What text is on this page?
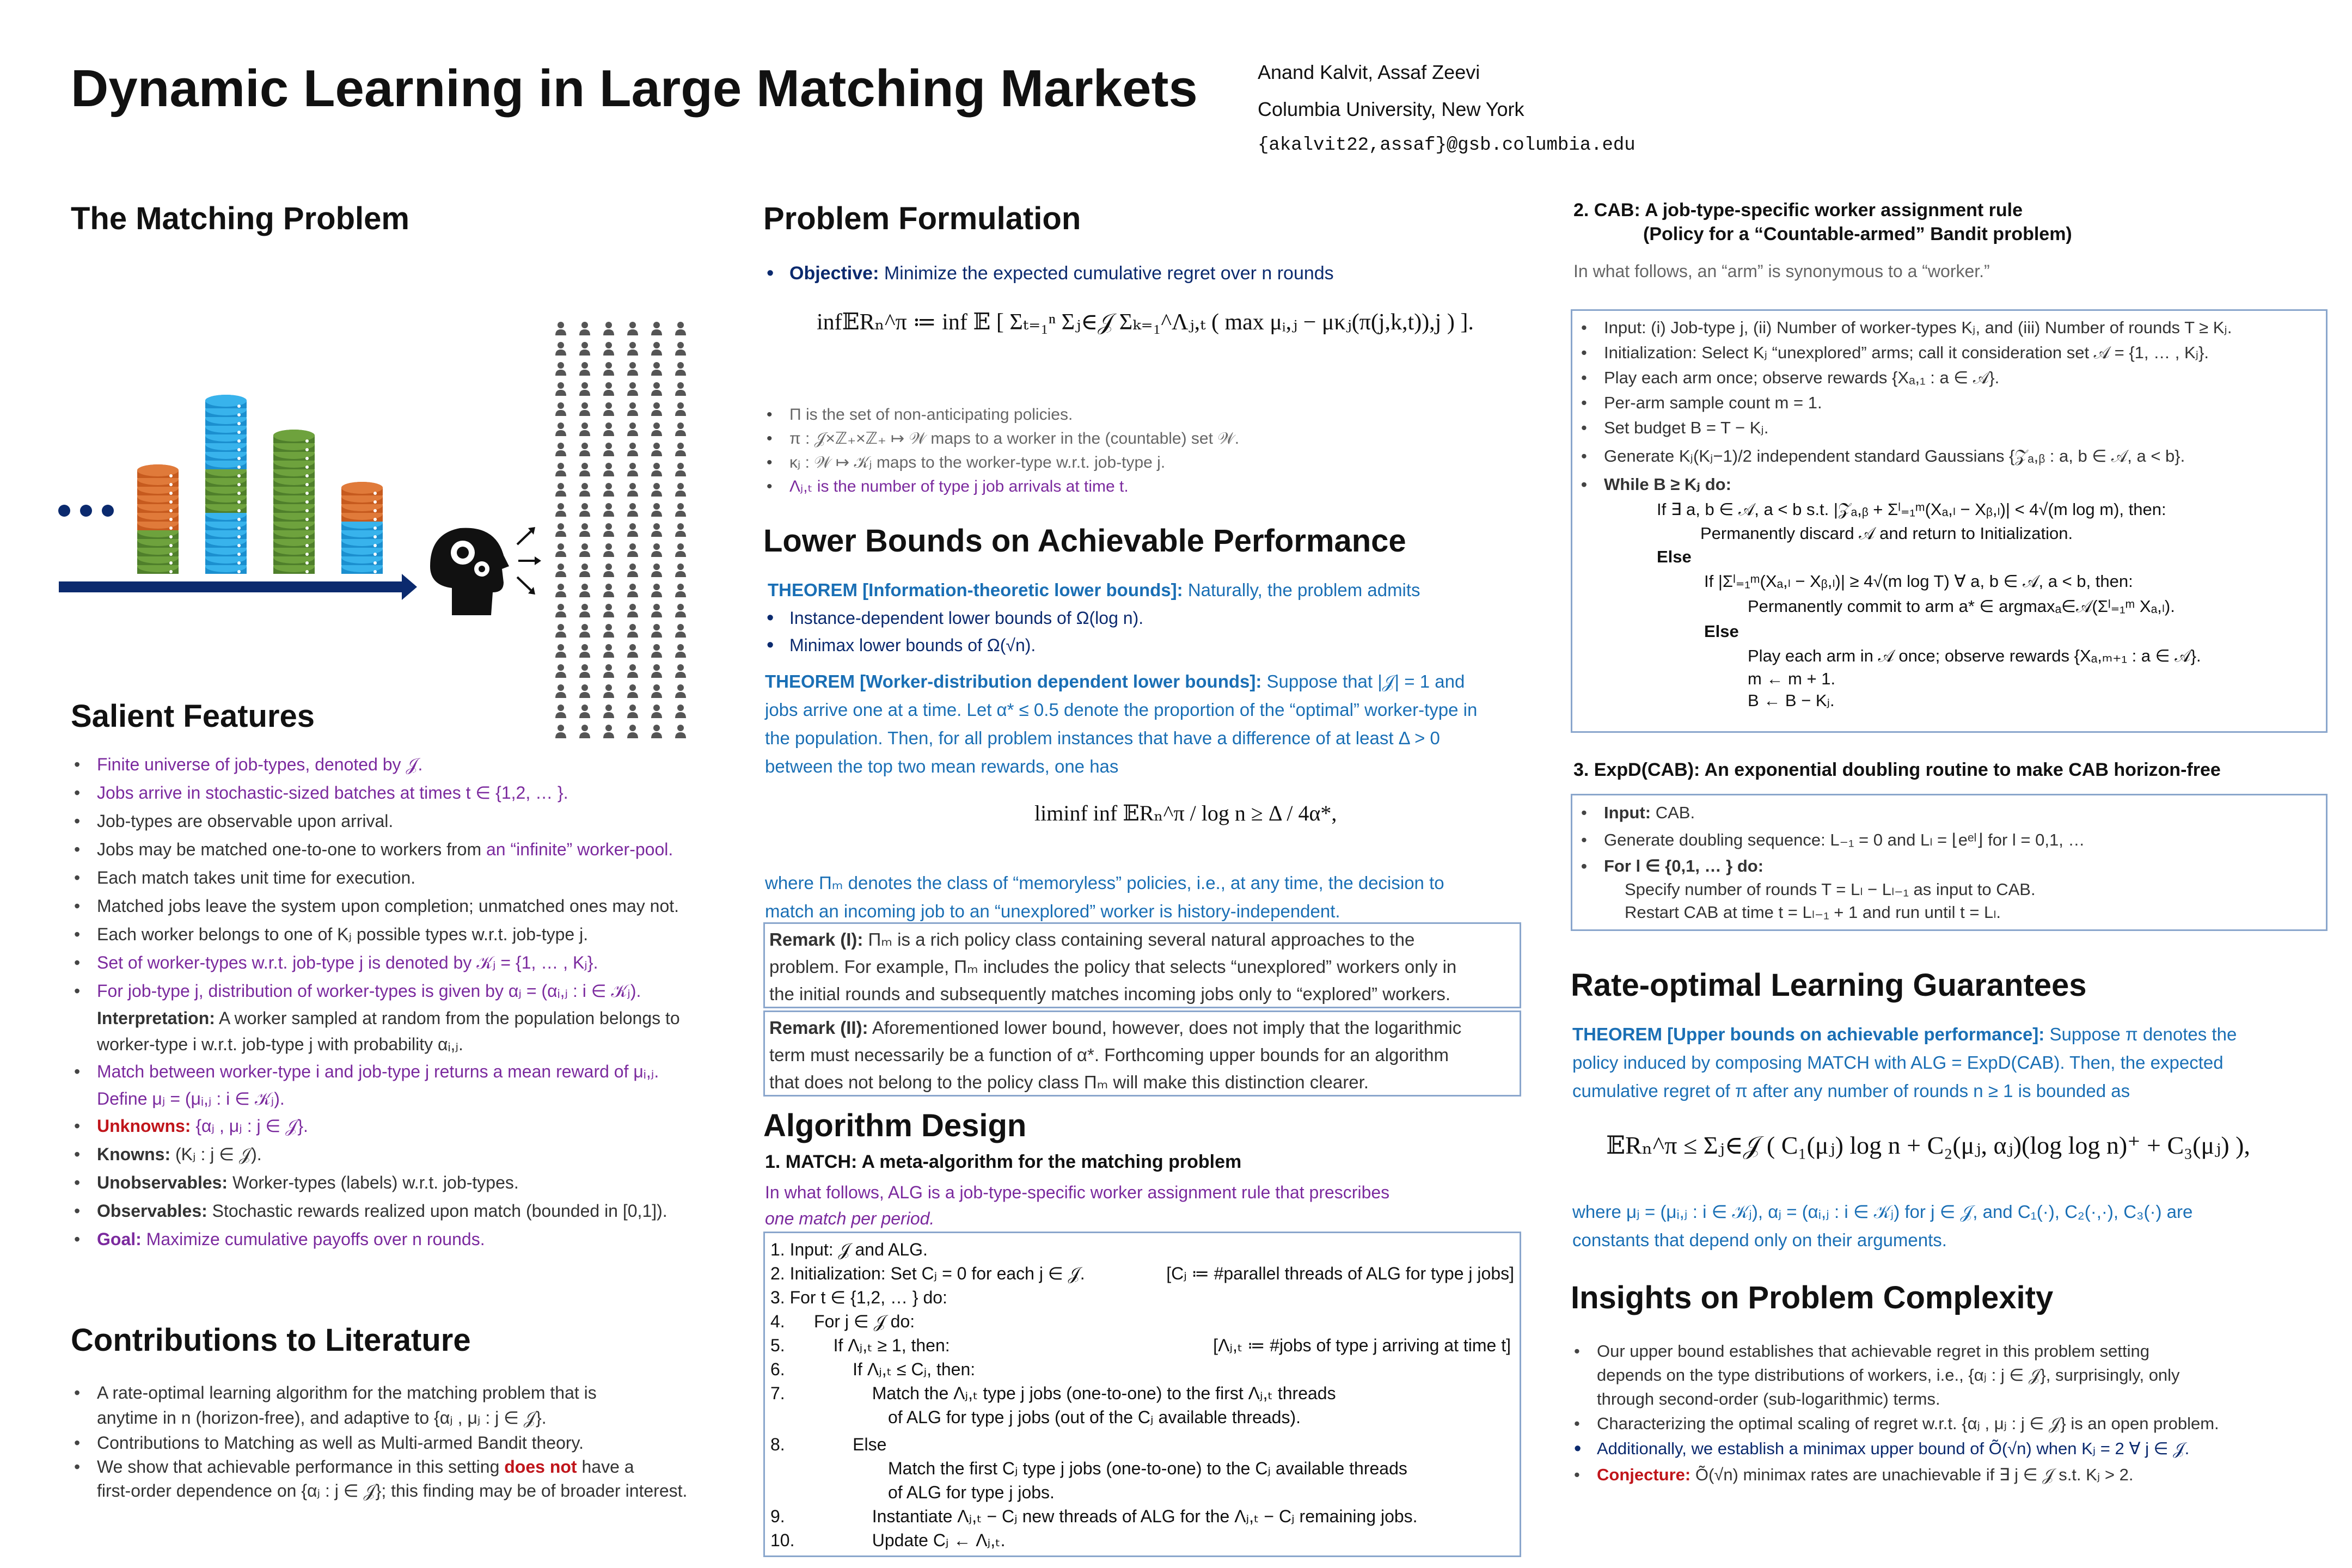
Dynamic Learning in Large Matching Markets	Anand Kalvit, Assaf Zeevi
Columbia University, New York
{akalvit22,assaf}@gsb.columbia.edu
The Matching Problem
Salient Features
• Finite universe of job-types, denoted by 𝒥.
• Jobs arrive in stochastic-sized batches at times t ∈ {1,2, … }.
• Job-types are observable upon arrival.
• Jobs may be matched one-to-one to workers from an “infinite” worker-pool.
• Each match takes unit time for execution.
• Matched jobs leave the system upon completion; unmatched ones may not.
• Each worker belongs to one of Kⱼ possible types w.r.t. job-type j.
• Set of worker-types w.r.t. job-type j is denoted by 𝒦ⱼ = {1, … , Kⱼ}.
• For job-type j, distribution of worker-types is given by αⱼ = (αᵢ,ⱼ : i ∈ 𝒦ⱼ).
Interpretation: A worker sampled at random from the population belongs to
worker-type i w.r.t. job-type j with probability αᵢ,ⱼ.
• Match between worker-type i and job-type j returns a mean reward of μᵢ,ⱼ.
Define μⱼ = (μᵢ,ⱼ : i ∈ 𝒦ⱼ).
• Unknowns: {αⱼ , μⱼ : j ∈ 𝒥}.
• Knowns: (Kⱼ : j ∈ 𝒥).
• Unobservables: Worker-types (labels) w.r.t. job-types.
• Observables: Stochastic rewards realized upon match (bounded in [0,1]).
• Goal: Maximize cumulative payoffs over n rounds.
Contributions to Literature
• A rate-optimal learning algorithm for the matching problem that is
anytime in n (horizon-free), and adaptive to {αⱼ , μⱼ : j ∈ 𝒥}.
• Contributions to Matching as well as Multi-armed Bandit theory.
• We show that achievable performance in this setting does not have a
first-order dependence on {αⱼ : j ∈ 𝒥}; this finding may be of broader interest.
Problem Formulation
• Objective: Minimize the expected cumulative regret over n rounds
inf𝔼Rₙ^π ≔ inf 𝔼 [ Σₜ₌₁ⁿ Σⱼ∈𝒥 Σₖ₌₁^Λⱼ,ₜ ( max μᵢ,ⱼ − μκⱼ(π(j,k,t)),j ) ].
• Π is the set of non-anticipating policies.
• π : 𝒥×ℤ₊×ℤ₊ ↦ 𝒲 maps to a worker in the (countable) set 𝒲.
• κⱼ : 𝒲 ↦ 𝒦ⱼ maps to the worker-type w.r.t. job-type j.
• Λⱼ,ₜ is the number of type j job arrivals at time t.
Lower Bounds on Achievable Performance
THEOREM [Information-theoretic lower bounds]: Naturally, the problem admits
• Instance-dependent lower bounds of Ω(log n).
• Minimax lower bounds of Ω(√n).
THEOREM [Worker-distribution dependent lower bounds]: Suppose that |𝒥| = 1 and
jobs arrive one at a time. Let α* ≤ 0.5 denote the proportion of the “optimal” worker-type in
the population. Then, for all problem instances that have a difference of at least Δ > 0
between the top two mean rewards, one has
liminf inf 𝔼Rₙ^π / log n ≥ Δ / 4α*,
where Πₘ denotes the class of “memoryless” policies, i.e., at any time, the decision to
match an incoming job to an “unexplored” worker is history-independent.
Remark (I): Πₘ is a rich policy class containing several natural approaches to the
problem. For example, Πₘ includes the policy that selects “unexplored” workers only in
the initial rounds and subsequently matches incoming jobs only to “explored” workers.
Remark (II): Aforementioned lower bound, however, does not imply that the logarithmic
term must necessarily be a function of α*. Forthcoming upper bounds for an algorithm
that does not belong to the policy class Πₘ will make this distinction clearer.
Algorithm Design
1. MATCH: A meta-algorithm for the matching problem
In what follows, ALG is a job-type-specific worker assignment rule that prescribes
one match per period.
1. Input: 𝒥 and ALG.
2. Initialization: Set Cⱼ = 0 for each j ∈ 𝒥.	[Cⱼ ≔ #parallel threads of ALG for type j jobs]
3. For t ∈ {1,2, … } do:
4.      For j ∈ 𝒥 do:
5.          If Λⱼ,ₜ ≥ 1, then:	[Λⱼ,ₜ ≔ #jobs of type j arriving at time t]
6.              If Λⱼ,ₜ ≤ Cⱼ, then:
7.                  Match the Λⱼ,ₜ type j jobs (one-to-one) to the first Λⱼ,ₜ threads
of ALG for type j jobs (out of the Cⱼ available threads).
8.              Else
Match the first Cⱼ type j jobs (one-to-one) to the Cⱼ available threads
of ALG for type j jobs.
9.                  Instantiate Λⱼ,ₜ − Cⱼ new threads of ALG for the Λⱼ,ₜ − Cⱼ remaining jobs.
10.                Update Cⱼ ← Λⱼ,ₜ.
2. CAB: A job-type-specific worker assignment rule
(Policy for a “Countable-armed” Bandit problem)
In what follows, an “arm” is synonymous to a “worker.”
• Input: (i) Job-type j, (ii) Number of worker-types Kⱼ, and (iii) Number of rounds T ≥ Kⱼ.
• Initialization: Select Kⱼ “unexplored” arms; call it consideration set 𝒜 = {1, … , Kⱼ}.
• Play each arm once; observe rewards {Xₐ,₁ : a ∈ 𝒜}.
• Per-arm sample count m = 1.
• Set budget B = T − Kⱼ.
• Generate Kⱼ(Kⱼ−1)/2 independent standard Gaussians {𝒵ₐ,ᵦ : a, b ∈ 𝒜, a < b}.
• While B ≥ Kⱼ do:
If ∃ a, b ∈ 𝒜, a < b s.t. |𝒵ₐ,ᵦ + Σˡ₌₁ᵐ(Xₐ,ₗ − Xᵦ,ₗ)| < 4√(m log m), then:
Permanently discard 𝒜 and return to Initialization.
Else
If |Σˡ₌₁ᵐ(Xₐ,ₗ − Xᵦ,ₗ)| ≥ 4√(m log T) ∀ a, b ∈ 𝒜, a < b, then:
Permanently commit to arm a* ∈ argmaxₐ∈𝒜(Σˡ₌₁ᵐ Xₐ,ₗ).
Else
Play each arm in 𝒜 once; observe rewards {Xₐ,ₘ₊₁ : a ∈ 𝒜}.
m ← m + 1.
B ← B − Kⱼ.
3. ExpD(CAB): An exponential doubling routine to make CAB horizon-free
• Input: CAB.
• Generate doubling sequence: L₋₁ = 0 and Lₗ = ⌊eᵉˡ⌋ for l = 0,1, …
• For l ∈ {0,1, … } do:
Specify number of rounds T = Lₗ − Lₗ₋₁ as input to CAB.
Restart CAB at time t = Lₗ₋₁ + 1 and run until t = Lₗ.
Rate-optimal Learning Guarantees
THEOREM [Upper bounds on achievable performance]: Suppose π denotes the
policy induced by composing MATCH with ALG = ExpD(CAB). Then, the expected
cumulative regret of π after any number of rounds n ≥ 1 is bounded as
𝔼Rₙ^π ≤ Σⱼ∈𝒥 ( C₁(μⱼ) log n + C₂(μⱼ, αⱼ)(log log n)⁺ + C₃(μⱼ) ),
where μⱼ = (μᵢ,ⱼ : i ∈ 𝒦ⱼ), αⱼ = (αᵢ,ⱼ : i ∈ 𝒦ⱼ) for j ∈ 𝒥, and C₁(·), C₂(·,·), C₃(·) are
constants that depend only on their arguments.
Insights on Problem Complexity
• Our upper bound establishes that achievable regret in this problem setting
depends on the type distributions of workers, i.e., {αⱼ : j ∈ 𝒥}, surprisingly, only
through second-order (sub-logarithmic) terms.
• Characterizing the optimal scaling of regret w.r.t. {αⱼ , μⱼ : j ∈ 𝒥} is an open problem.
• Additionally, we establish a minimax upper bound of Õ(√n) when Kⱼ = 2 ∀ j ∈ 𝒥.
• Conjecture: Õ(√n) minimax rates are unachievable if ∃ j ∈ 𝒥 s.t. Kⱼ > 2.
